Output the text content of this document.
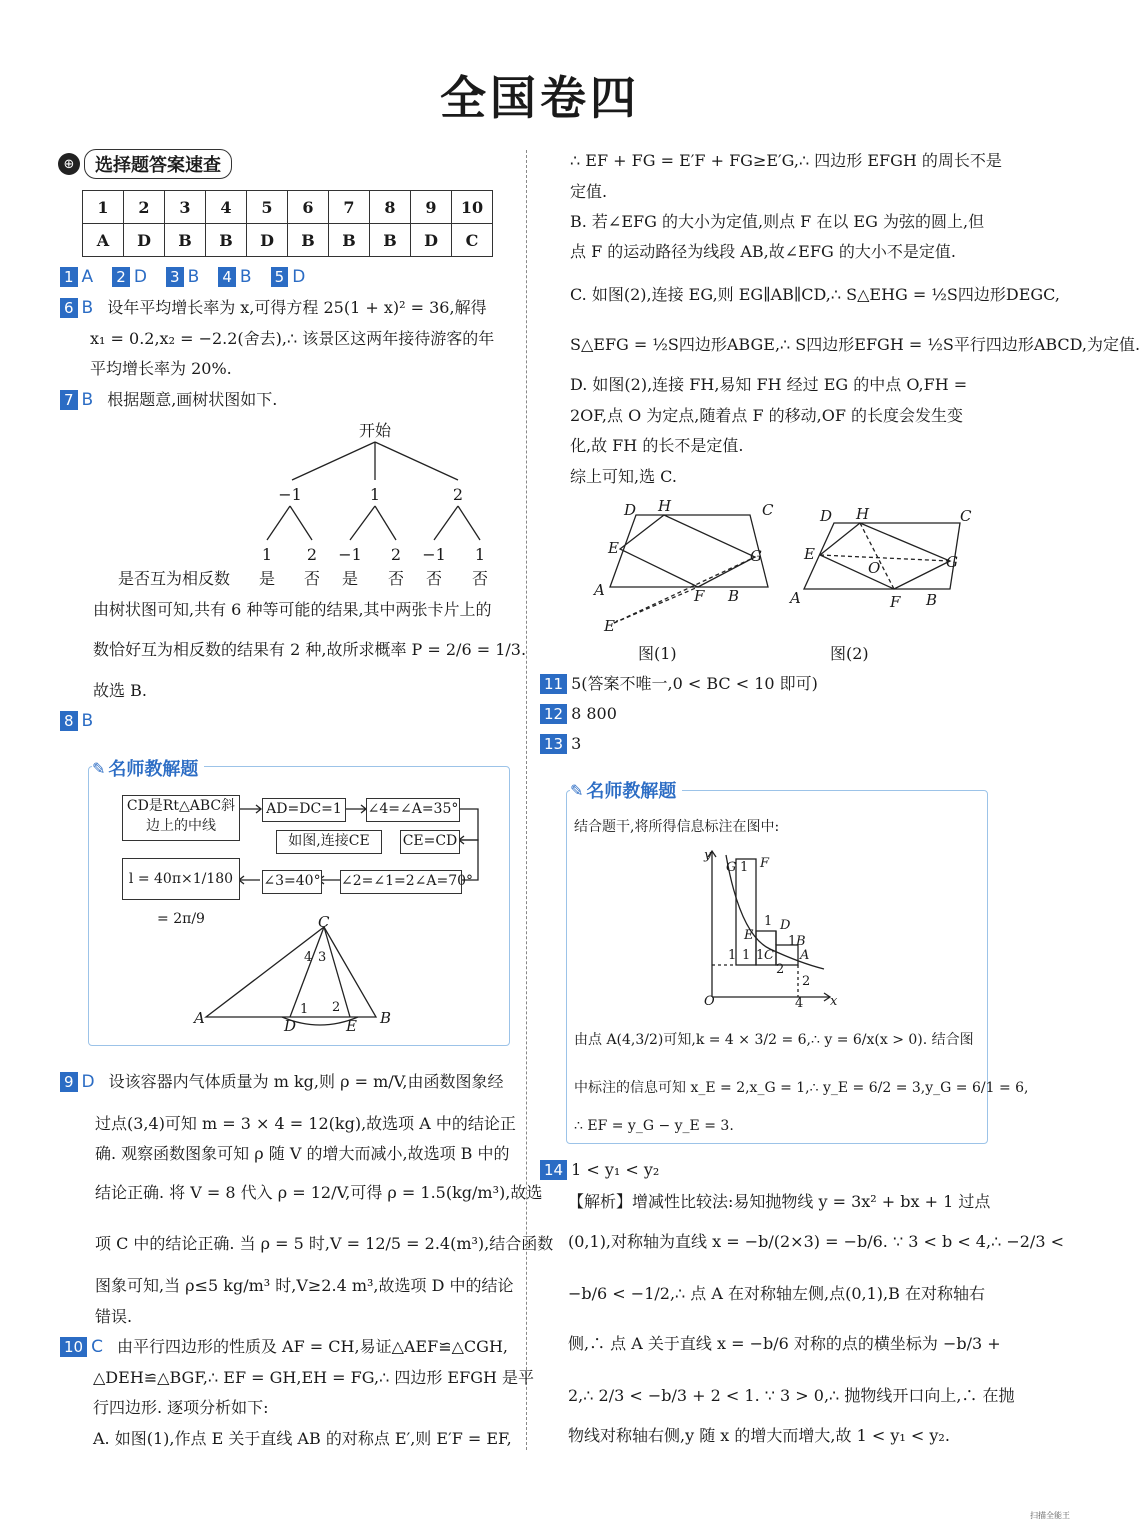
全国卷四
⊕	选择题答案速查
1	2	3	4	5	6	7	8	9	10
A	D	B	B	D	B	B	B	D	C
1 A 2 D 3 B 4 B 5 D
6 B 设年平均增长率为 x,可得方程 25(1 + x)² = 36,解得
x₁ = 0.2,x₂ = −2.2(舍去),∴ 该景区这两年接待游客的年
平均增长率为 20%.
7 B 根据题意,画树状图如下.
开始
−1	1	2
1 2 −1 2 −1 1
是 否 是 否 否 否
是否互为相反数
由树状图可知,共有 6 种等可能的结果,其中两张卡片上的
数恰好互为相反数的结果有 2 种,故所求概率 P = 2/6 = 1/3.
故选 B.
8 B
✎ 名师教解题
CD是Rt△ABC斜边上的中线
AD=DC=1 ∠4=∠A=35°
如图,连接CE	CE=CD
l = 40π×1/180 = 2π/9
∠3=40° ∠2=∠1=2∠A=70°
A
C
B
D	E
4 3
1 2
9 D 设该容器内气体质量为 m kg,则 ρ = m/V,由函数图象经
过点(3,4)可知 m = 3 × 4 = 12(kg),故选项 A 中的结论正
确. 观察函数图象可知 ρ 随 V 的增大而减小,故选项 B 中的
结论正确. 将 V = 8 代入 ρ = 12/V,可得 ρ = 1.5(kg/m³),故选
项 C 中的结论正确. 当 ρ = 5 时,V = 12/5 = 2.4(m³),结合函数
图象可知,当 ρ≤5 kg/m³ 时,V≥2.4 m³,故选项 D 中的结论
错误.
10 C 由平行四边形的性质及 AF = CH,易证△AEF≌△CGH,
△DEH≌△BGF,∴ EF = GH,EH = FG,∴ 四边形 EFGH 是平
行四边形. 逐项分析如下:
A. 如图(1),作点 E 关于直线 AB 的对称点 E′,则 E′F = EF,
∴ EF + FG = E′F + FG≥E′G,∴ 四边形 EFGH 的周长不是
定值.
B. 若∠EFG 的大小为定值,则点 F 在以 EG 为弦的圆上,但
点 F 的运动路径为线段 AB,故∠EFG 的大小不是定值.
C. 如图(2),连接 EG,则 EG∥AB∥CD,∴ S△EHG = ½S四边形DEGC,
S△EFG = ½S四边形ABGE,∴ S四边形EFGH = ½S平行四边形ABCD,为定值.
D. 如图(2),连接 FH,易知 FH 经过 EG 的中点 O,FH =
2OF,点 O 为定点,随着点 F 的移动,OF 的长度会发生变
化,故 FH 的长不是定值.
综上可知,选 C.
A	B
C
D H
E	G
F
E′
图(1)
A	B
C
D H
E	G
F
O
图(2)
11 5(答案不唯一,0 < BC < 10 即可)
12 8 800
13 3
✎ 名师教解题
结合题干,将所得信息标注在图中:
y
x
O
G 1 F
1 D
E	1 B
1 1 1 C A
2
2
4
由点 A(4,3/2)可知,k = 4 × 3/2 = 6,∴ y = 6/x(x > 0). 结合图
中标注的信息可知 x_E = 2,x_G = 1,∴ y_E = 6/2 = 3,y_G = 6/1 = 6,
∴ EF = y_G − y_E = 3.
14 1 < y₁ < y₂
【解析】增减性比较法:易知抛物线 y = 3x² + bx + 1 过点
(0,1),对称轴为直线 x = −b/(2×3) = −b/6. ∵ 3 < b < 4,∴ −2/3 <
−b/6 < −1/2,∴ 点 A 在对称轴左侧,点(0,1),B 在对称轴右
侧,∴ 点 A 关于直线 x = −b/6 对称的点的横坐标为 −b/3 +
2,∴ 2/3 < −b/3 + 2 < 1. ∵ 3 > 0,∴ 抛物线开口向上,∴ 在抛
物线对称轴右侧,y 随 x 的增大而增大,故 1 < y₁ < y₂.
扫描全能王
